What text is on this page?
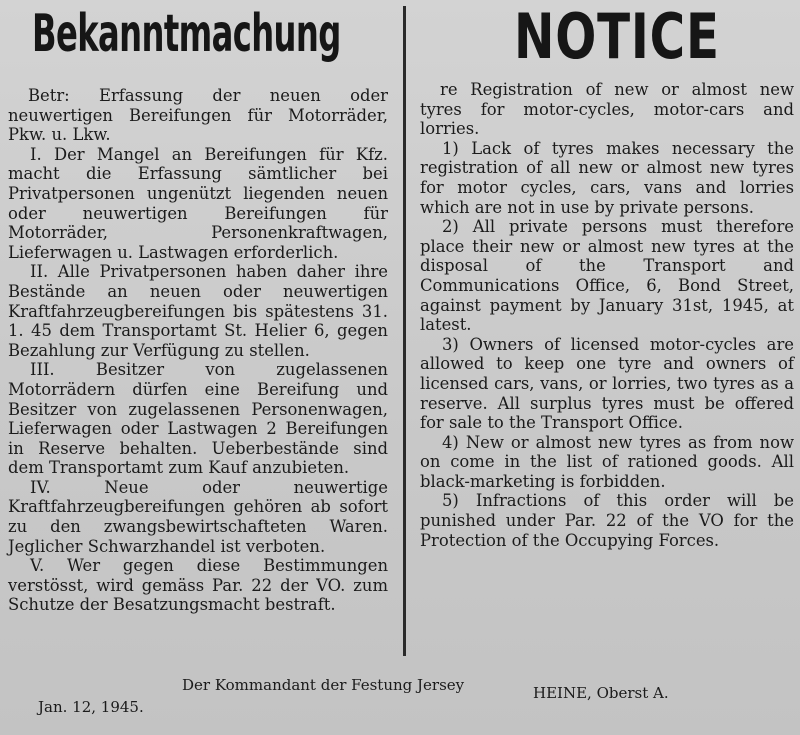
Bekanntmachung

Betr: Erfassung der neuen oder neuwertigen Bereifungen für Motorräder, Pkw. u. Lkw.

I. Der Mangel an Bereifungen für Kfz. macht die Erfassung sämtlicher bei Privatpersonen ungenützt liegenden neuen oder neuwertigen Bereifungen für Motorräder, Personenkraftwagen, Lieferwagen u. Lastwagen erforderlich.

II. Alle Privatpersonen haben daher ihre Bestände an neuen oder neuwertigen Kraftfahrzeugbereifungen bis spätestens 31. 1. 45 dem Transportamt St. Helier 6, gegen Bezahlung zur Verfügung zu stellen.

III. Besitzer von zugelassenen Motorrädern dürfen eine Bereifung und Besitzer von zugelassenen Personenwagen, Lieferwagen oder Lastwagen 2 Bereifungen in Reserve behalten. Ueberbestände sind dem Transportamt zum Kauf anzubieten.

IV. Neue oder neuwertige Kraftfahrzeugbereifungen gehören ab sofort zu den zwangsbewirtschafteten Waren. Jeglicher Schwarzhandel ist verboten.

V. Wer gegen diese Bestimmungen verstösst, wird gemäss Par. 22 der VO. zum Schutze der Besatzungsmacht bestraft.

NOTICE

re Registration of new or almost new tyres for motor-cycles, motor-cars and lorries.

1) Lack of tyres makes necessary the registration of all new or almost new tyres for motor cycles, cars, vans and lorries which are not in use by private persons.

2) All private persons must therefore place their new or almost new tyres at the disposal of the Transport and Communications Office, 6, Bond Street, against payment by January 31st, 1945, at latest.

3) Owners of licensed motor-cycles are allowed to keep one tyre and owners of licensed cars, vans, or lorries, two tyres as a reserve. All surplus tyres must be offered for sale to the Transport Office.

4) New or almost new tyres as from now on come in the list of rationed goods. All black-marketing is forbidden.

5) Infractions of this order will be punished under Par. 22 of the VO for the Protection of the Occupying Forces.

Der Kommandant der Festung Jersey	HEINE, Oberst A.
Jan. 12, 1945.
